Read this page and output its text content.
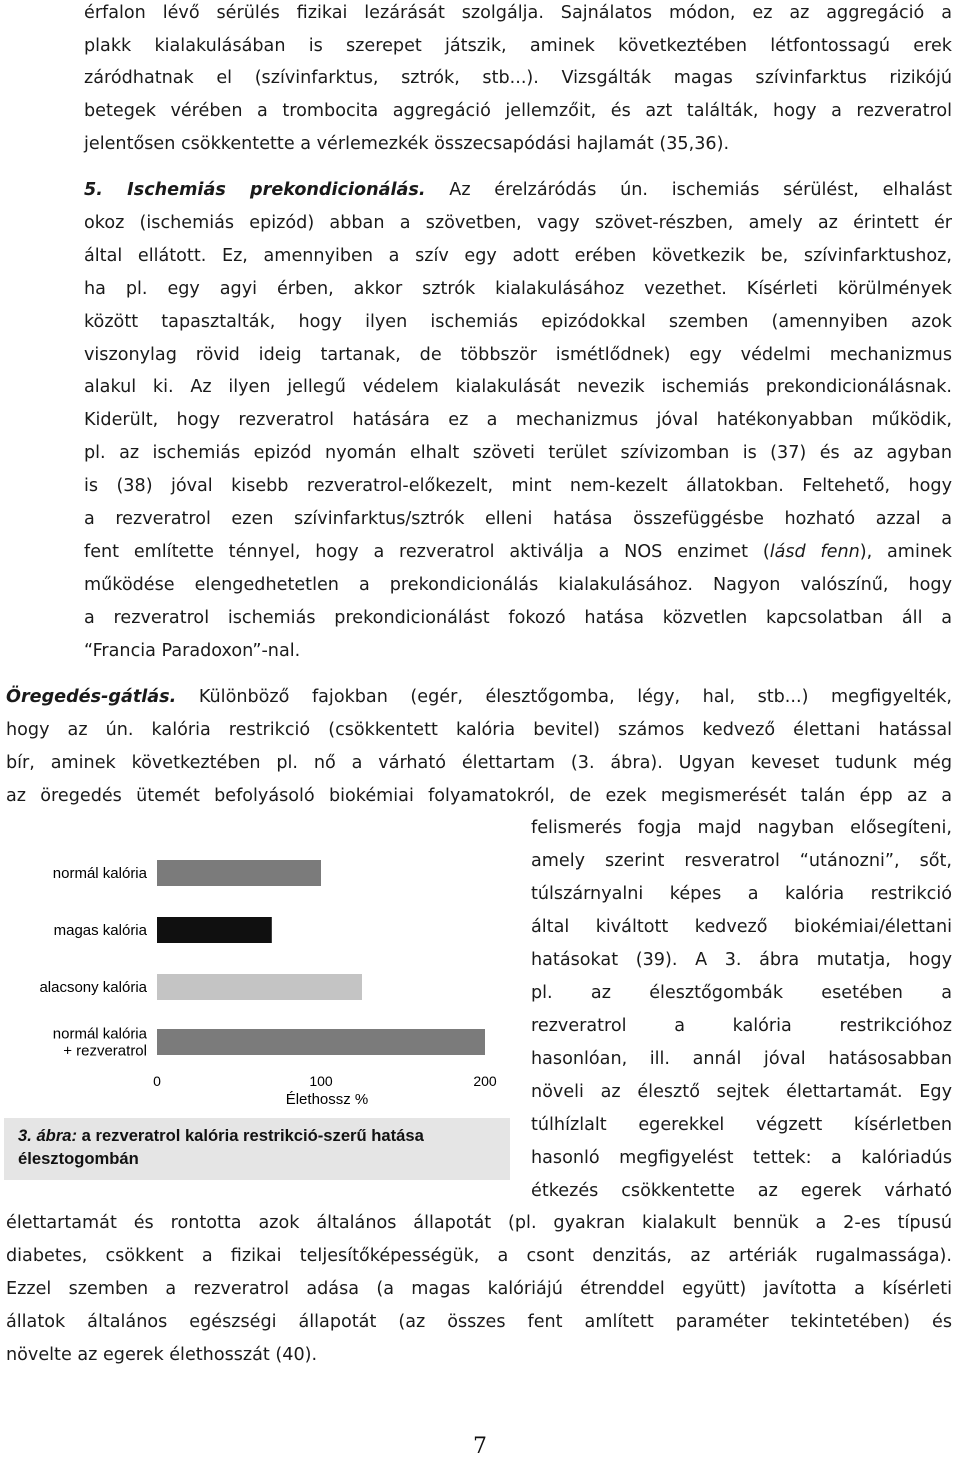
érfalon lévő sérülés fizikai lezárását szolgálja. Sajnálatos módon, ez az aggregáció a

plakk kialakulásában is szerepet játszik, aminek következtében létfontossagú erek

záródhatnak el (szívinfarktus, sztrók, stb...). Vizsgálták magas szívinfarktus rizikójú

betegek vérében a trombocita aggregáció jellemzőit, és azt találták, hogy a rezveratrol

jelentősen csökkentette a vérlemezkék összecsapódási hajlamát (35,36).

5. Ischemiás prekondicionálás. Az érelzáródás ún. ischemiás sérülést, elhalást

okoz (ischemiás epizód) abban a szövetben, vagy szövet-részben, amely az érintett ér

által ellátott. Ez, amennyiben a szív egy adott erében következik be, szívinfarktushoz,

ha pl. egy agyi érben, akkor sztrók kialakulásához vezethet. Kísérleti körülmények

között tapasztalták, hogy ilyen ischemiás epizódokkal szemben (amennyiben azok

viszonylag rövid ideig tartanak, de többször ismétlődnek) egy védelmi mechanizmus

alakul ki. Az ilyen jellegű védelem kialakulását nevezik ischemiás prekondicionálásnak.

Kiderült, hogy rezveratrol hatására ez a mechanizmus jóval hatékonyabban működik,

pl. az ischemiás epizód nyomán elhalt szöveti terület szívizomban is (37) és az agyban

is (38) jóval kisebb rezveratrol-előkezelt, mint nem-kezelt állatokban. Feltehető, hogy

a rezveratrol ezen szívinfarktus/sztrók elleni hatása összefüggésbe hozható azzal a

fent említette ténnyel, hogy a rezveratrol aktiválja a NOS enzimet (lásd fenn), aminek

működése elengedhetetlen a prekondicionálás kialakulásához. Nagyon valószínű, hogy

a rezveratrol ischemiás prekondicionálást fokozó hatása közvetlen kapcsolatban áll a

“Francia Paradoxon”-nal.

Öregedés-gátlás. Különböző fajokban (egér, élesztőgomba, légy, hal, stb...) megfigyelték,

hogy az ún. kalória restrikció (csökkentett kalória bevitel) számos kedvező élettani hatással

bír, aminek következtében pl. nő a várható élettartam (3. ábra). Ugyan keveset tudunk még

az öregedés ütemét befolyásoló biokémiai folyamatokról, de ezek megismerését talán épp az a

felismerés fogja majd nagyban elősegíteni,

amely szerint resveratrol “utánozni”, sőt,

túlszárnyalni képes a kalória restrikció

által kiváltott kedvező biokémiai/élettani

hatásokat (39). A 3. ábra mutatja, hogy

pl. az élesztőgombák esetében a

rezveratrol a kalória restrikcióhoz

hasonlóan, ill. annál jóval hatásosabban

növeli az élesztő sejtek élettartamát. Egy

túlhízlalt egerekkel végzett kísérletben

hasonló megfigyelést tettek: a kalóriadús

étkezés csökkentette az egerek várható

élettartamát és rontotta azok általános állapotát (pl. gyakran kialakult bennük a 2-es típusú

diabetes, csökkent a fizikai teljesítőképességük, a csont denzitás, az artériák rugalmassága).

Ezzel szemben a rezveratrol adása (a magas kalóriájú étrenddel együtt) javította a kísérleti

állatok általános egészségi állapotát (az összes fent amlített paraméter tekintetében) és

növelte az egerek élethosszát (40).

normál kalória
magas kalória
alacsony kalória
normál kalória
+ rezveratrol
0	100	200
Élethossz %

3. ábra: a rezveratrol kalória restrikció-szerű hatása
élesztogombán

7
